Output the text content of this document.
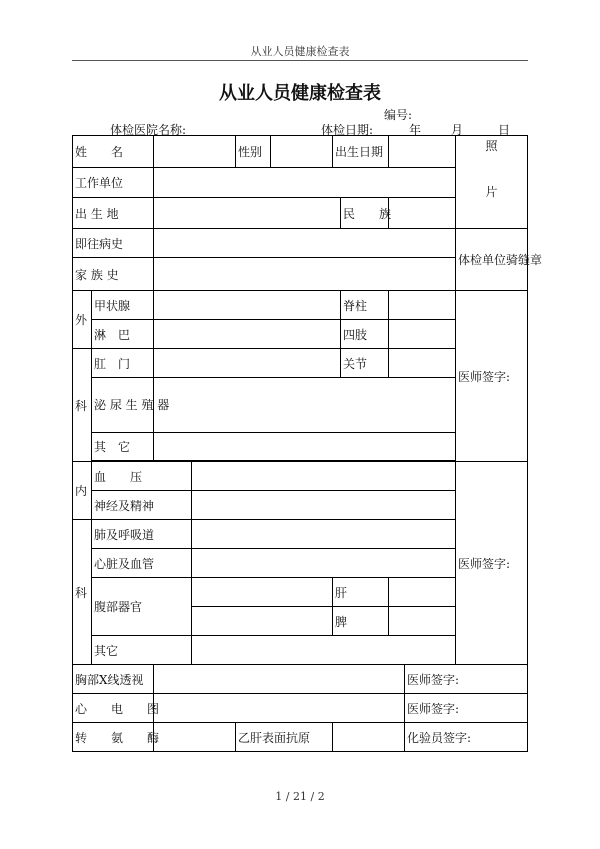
从业人员健康检查表
从业人员健康检查表
编号:
体检医院名称:	体检日期:	年 月	日
姓　　名				性别		出生日期				照
片

工作单位										
出 生 地							民　　族			
即往病史										体检单位骑缝章
家 族 史										
外	甲状腺						脊柱			医师签字:
	淋　巴						四肢			
科	肛　门						关节			
	泌 尿 生 殖 器									
	其　它									

内	血　　压									医师签字:
	神经及精神									
科	肺及呼吸道									
	心脏及血管									
	腹部器官					肝				
						脾				
	其它									
胸部X线透视									医师签字:	
心　　电　　图									医师签字:	
转　　氨　　酶				乙肝表面抗原					化验员签字:	
1 / 21 / 2
